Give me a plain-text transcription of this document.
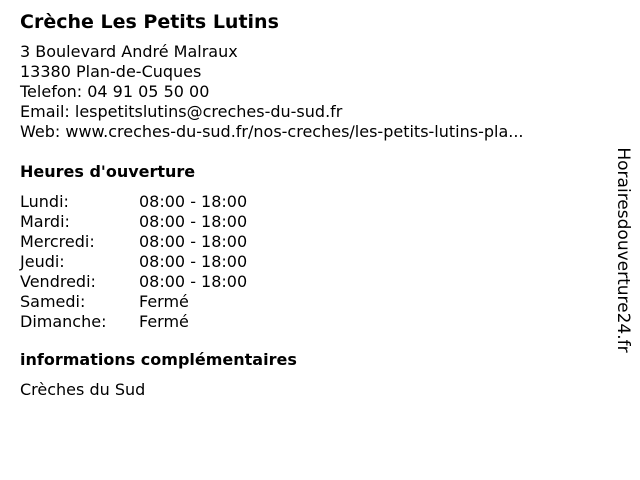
Crèche Les Petits Lutins
3 Boulevard André Malraux
13380 Plan-de-Cuques
Telefon: 04 91 05 50 00
Email: lespetitslutins@creches-du-sud.fr
Web: www.creches-du-sud.fr/nos-creches/les-petits-lutins-pla...
Heures d'ouverture
Lundi:	08:00 - 18:00
Mardi:	08:00 - 18:00
Mercredi:	08:00 - 18:00
Jeudi:	08:00 - 18:00
Vendredi:	08:00 - 18:00
Samedi:	Fermé
Dimanche:	Fermé
informations complémentaires
Crèches du Sud
Horairesdouverture24.fr
